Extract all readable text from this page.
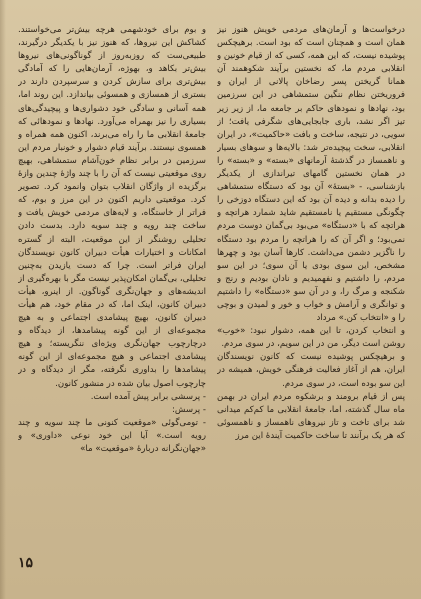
درخواست‌ها و آرمان‌های مردمی خویش هنوز نیز همان است و همچنان است که بود است. برهیچکس پوشیده نیست، که این همه، کسی که از قیام خونین و انقلابی مردم ما، که نخستین برآیند شکوهمند آن همانا گریختن پسر رضاخان پالانی از ایران و فروریختن نظام ننگین ستمشاهی در این سرزمین بود، نهادها و نمودهای حاکم بر جامعه ما، از زیر زیر تیز اگر نشد، باری جابجایی‌های شگرفی یافت؛ از سویی، در نتیجه، ساخت و بافت «حاکمیت»، در ایران انقلابی، سخت پیچیده‌تر شد: بالایه‌ها و سوهای بسیار و ناهمساز در گذشتهٔ آرمانهای «بسته» و «بسته» را در همان نخستین گامهای تیراندازی از یکدیگر بازشناسی، - «بستهٔ» آن بود که دستگاه ستمشاهی را دیده‌ بدانه و دیده آن بود که این دستگاه دوزخی را چگونگی مستقیم یا نامستقیم شاید شمارد هراتچه و هراتچه که با «دستگاه» می‌بود بی‌گمان دوست مردم نمی‌بود؛ و اگر آن که را هراتچه را مردم بود دستگاه را ناگزیر دشمن می‌داشت. کارها آسان بود و چهرها مشخص، این سوی بودی یا آن سوی؛ در این سو مردم، را داشتیم و نفهمیدیم و نادان بودیم و رنج و شکنجه و مرگ را، و در آن سو «دستگاه» را داشتیم و توانگری و آرامش و خواب و خور و لمیدن و بوچی را و «انتخاب کن.» مرداد

و انتخاب کردن، تا این همه، دشوار نبود: «خوب» روشن است دیگر، من در این سویم، در سوی مردم.

و برهیچکس پوشیده نیست که کانون نویسندگان ایران، هم از آغاز فعالیت فرهنگی خویش، همیشه در این سو بوده است، در سوی مردم.

پس از قیام برومند و برشکوه مردم ایران در بهمن ماه سال گذشته، اما، جامعهٔ انقلابی ما کم‌کم میدانی شد برای تاخت و تاز نیروهای ناهمساز و ناهمسوئی که هر یک برآنند تا ساخت حاکمیت آیندهٔ این مرز

و بوم برای خودشهمی هرچه بیش‌تر می‌خواستند. کشاکش این نیروها، که هنوز نیز با یکدیگر درگیرند، طبیعی‌ست که روز‌به‌روز از گوناگونی‌های نیروها بیش‌تر بکاهد و، بهوژه، آرمان‌هایی را که آمادگی بیش‌تری برای سازش کردن و سرسپردن دارند در بستری از همسازی و همسوئی بیاندازد. این روند اما، همه آسانی و سادگی خود دشواری‌ها و پیچیدگی‌های بسیاری را نیز بهمراه می‌آورد. نهادها و نمودهائی که جامعهٔ انقلابی ما را راه می‌برند، اکنون همه همراه و همسوی نیستند. برآیند قیام دشوار و خونبار مردم این سرزمین در برابر نظام خون‌آشام ستمشاهی، بهیچ روی موقعیتی نیست که آن را با چند واژهٔ چندین وازهٔ برگزیده از واژگان انقلاب بتوان وانمود کرد. تصویر کرد. موقعیتی داریم اکنون در این مرز و بوم، که فراتر از خاستگاه، و لایه‌های مردمی خویش یافت و ساخت چند رویه و چند سویه دارد. بدست دادن تحلیلی روشنگر از این موقعیت، البته از گستره امکانات و اختیارات هیأت دبیران کانون نویسندگان ایران فراتر است. چرا که دست یازیدن به‌چنین تحلیلی، بی‌گمان امکان‌پذیر نیست مگر با بهره‌گیری از اندیشه‌های و جهان‌نگری گوناگون. از اینرو، هیأت دبیران کانون، اینک اما، که در مقام خود، هم هیأت دبیران کانون، بهیچ پیشامدی اجتماعی و به هیچ مجموعه‌ای از این گونه پیشامدها، از دیدگاه و درچارچوب جهان‌نگری ویژه‌ای ننگریسته؛ و هیچ پیشامدی اجتماعی و هیچ مجموعه‌ای از این گونه پیشامدها را بداوری نگرفته، مگر از دیدگاه و در چارچوب اصول بیان شده در منشور کانون.

- پرسشی برابر پیش آمده است.

- پرسش:

- تو‌می‌گوئی «موقعیت کنونی ما چند سویه و چند رویه است.» آیا این خود نوعی «داوری» و «جهان‌نگرانه دربارهٔ «موقعیت» ما»

۱۵
